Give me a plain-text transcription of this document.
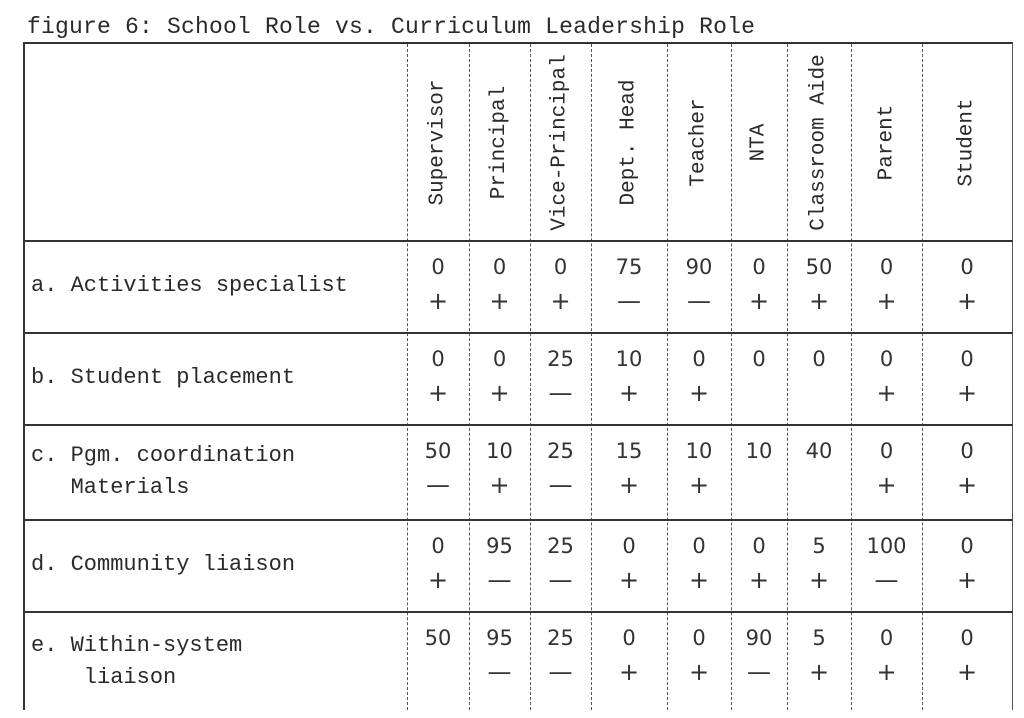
figure 6: School Role vs. Curriculum Leadership Role
Supervisor Principal Vice-Principal Dept. Head Teacher NTA Classroom Aide Parent	Student
a. Activities specialist
0
+
0
+
0
+
75
—
90
—
0
+
50
+
0
+
0
+
b. Student placement
0
+
0
+
25
—
10
+
0
+
0 0	0
+
0
+
c. Pgm. coordination
Materials
50
—
10
+
25
—
15
+
10
+
10 40 0
+
0
+
d. Community liaison
0
+
95
—
25
—
0
+
0
+
0
+
5
+
100
—
0
+
e. Within-system
liaison
50 95
—
25
—
0
+
0
+
90
—
5
+
0
+
0
+
